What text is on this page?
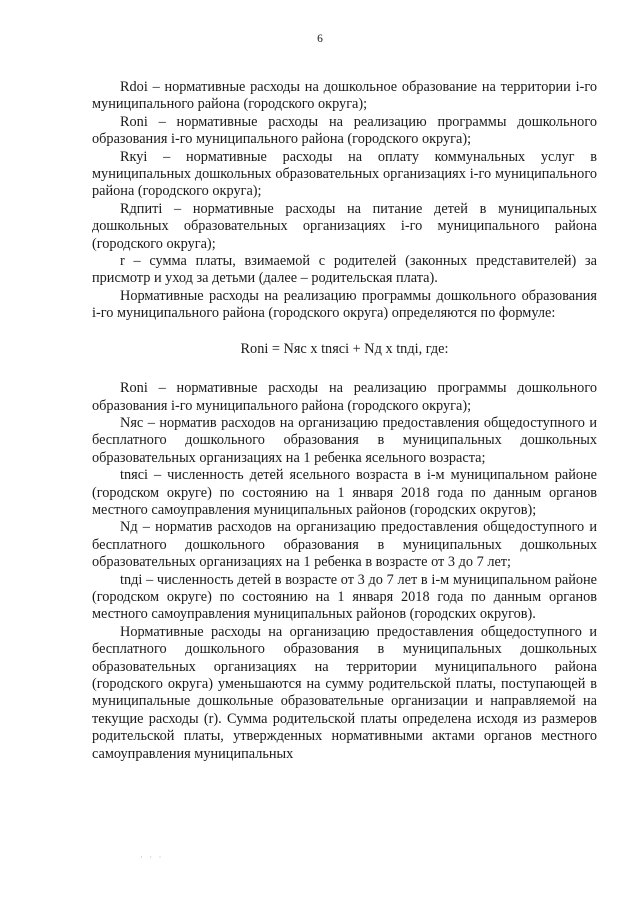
6

Rdoi – нормативные расходы на дошкольное образование на территории i-го муниципального района (городского округа);

Ronі – нормативные расходы на реализацию программы дошкольного образования i-го муниципального района (городского округа);

Rкуi – нормативные расходы на оплату коммунальных услуг в муниципальных дошкольных образовательных организациях i-го муниципального района (городского округа);

Rдпитi – нормативные расходы на питание детей в муниципальных дошкольных образовательных организациях i-го муниципального района (городского округа);

r – сумма платы, взимаемой с родителей (законных представителей) за присмотр и уход за детьми (далее – родительская плата).

Нормативные расходы на реализацию программы дошкольного образования i-го муниципального района (городского округа) определяются по формуле:

Ronі = Nяс x tnясі + Nд x tnдi, где:

Ronі – нормативные расходы на реализацию программы дошкольного образования i-го муниципального района (городского округа);

Nяс – норматив расходов на организацию предоставления общедоступного и бесплатного дошкольного образования в муниципальных дошкольных образовательных организациях на 1 ребенка ясельного возраста;

tnясі – численность детей ясельного возраста в i-м муниципальном районе (городском округе) по состоянию на 1 января 2018 года по данным органов местного самоуправления муниципальных районов (городских округов);

Nд – норматив расходов на организацию предоставления общедоступного и бесплатного дошкольного образования в муниципальных дошкольных образовательных организациях на 1 ребенка в возрасте от 3 до 7 лет;

tnдi – численность детей в возрасте от 3 до 7 лет в i-м муниципальном районе (городском округе) по состоянию на 1 января 2018 года по данным органов местного самоуправления муниципальных районов (городских округов).

Нормативные расходы на организацию предоставления общедоступного и бесплатного дошкольного образования в муниципальных дошкольных образовательных организациях на территории муниципального района (городского округа) уменьшаются на сумму родительской платы, поступающей в муниципальные дошкольные образовательные организации и направляемой на текущие расходы (r). Сумма родительской платы определена исходя из размеров родительской платы, утвержденных нормативными актами органов местного самоуправления муниципальных

· · ·
